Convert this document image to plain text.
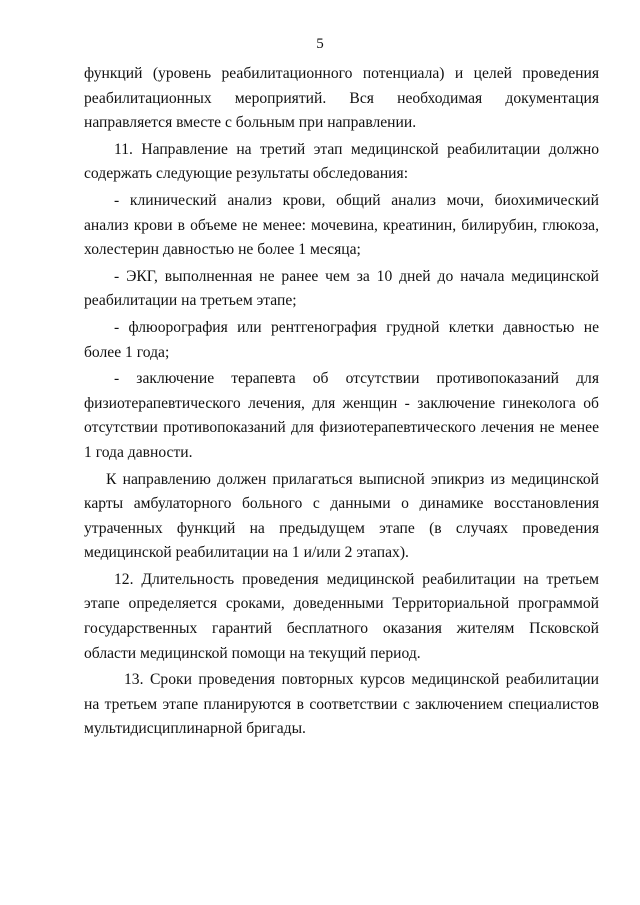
5

функций (уровень реабилитационного потенциала) и целей проведения реабилитационных мероприятий. Вся необходимая документация направляется вместе с больным при направлении.

11. Направление на третий этап медицинской реабилитации должно содержать следующие результаты обследования:

- клинический анализ крови, общий анализ мочи, биохимический анализ крови в объеме не менее: мочевина, креатинин, билирубин, глюкоза, холестерин давностью не более 1 месяца;

- ЭКГ, выполненная не ранее чем за 10 дней до начала медицинской реабилитации на третьем этапе;

- флюорография или рентгенография грудной клетки давностью не более 1 года;

- заключение терапевта об отсутствии противопоказаний для физиотерапевтического лечения, для женщин - заключение гинеколога об отсутствии противопоказаний для физиотерапевтического лечения не менее 1 года давности.

К направлению должен прилагаться выписной эпикриз из медицинской карты амбулаторного больного с данными о динамике восстановления утраченных функций на предыдущем этапе (в случаях проведения медицинской реабилитации на 1 и/или 2 этапах).

12. Длительность проведения медицинской реабилитации на третьем этапе определяется сроками, доведенными Территориальной программой государственных гарантий бесплатного оказания жителям Псковской области медицинской помощи на текущий период.

13. Сроки проведения повторных курсов медицинской реабилитации на третьем этапе планируются в соответствии с заключением специалистов мультидисциплинарной бригады.
